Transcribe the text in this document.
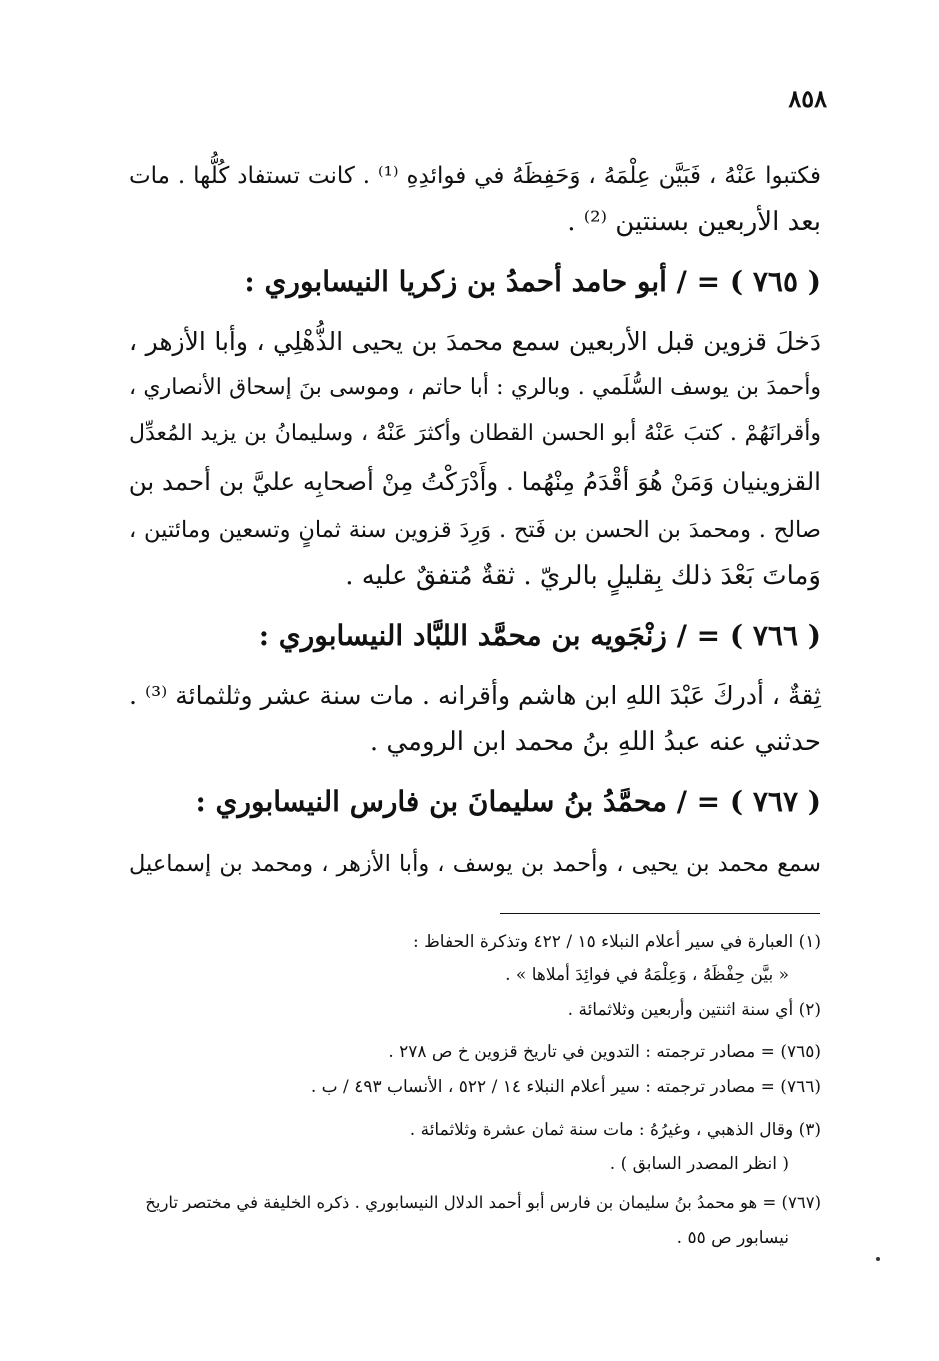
٨٥٨
فكتبوا عَنْهُ ، فَبَيَّن عِلْمَهُ ، وَحَفِظَهُ في فوائدِهِ ⁽¹⁾ . كانت تستفاد كُلُّها . مات
بعد الأربعين بسنتين ⁽²⁾ .
( ٧٦٥ ) = / أبو حامد أحمدُ بن زكريا النيسابوري :
دَخلَ قزوين قبل الأربعين سمع محمدَ بن يحيى الذُّهْلِي ، وأبا الأزهر ،
وأحمدَ بن يوسف السُّلَمي . وبالري : أبا حاتم ، وموسى بنَ إسحاق الأنصاري ،
وأقرانَهُمْ . كتبَ عَنْهُ أبو الحسن القطان وأكثرَ عَنْهُ ، وسليمانُ بن يزيد المُعدِّل
القزوينيان وَمَنْ هُوَ أقْدَمُ مِنْهُما . وأَدْرَكْتُ مِنْ أصحابِه عليَّ بن أحمد بن
صالح . ومحمدَ بن الحسن بن فَتح . وَرِدَ قزوين سنة ثمانٍ وتسعين ومائتين ،
وَماتَ بَعْدَ ذلك بِقليلٍ بالريّ . ثقةٌ مُتفقٌ عليه .
( ٧٦٦ ) = / زنْجَويه بن محمَّد اللبَّاد النيسابوري :
ثِقةٌ ، أدركَ عَبْدَ اللهِ ابن هاشم وأقرانه . مات سنة عشر وثلثمائة ⁽³⁾ .
حدثني عنه عبدُ اللهِ بنُ محمد ابن الرومي .
( ٧٦٧ ) = / محمَّدُ بنُ سليمانَ بن فارس النيسابوري :
سمع محمد بن يحيى ، وأحمد بن يوسف ، وأبا الأزهر ، ومحمد بن إسماعيل
(١) العبارة في سير أعلام النبلاء ١٥ / ٤٢٢ وتذكرة الحفاظ :
« بيَّن حِفْظَهُ ، وَعِلْمَهُ في فوائِدَ أملاها » .
(٢) أي سنة اثنتين وأربعين وثلاثمائة .
(٧٦٥) = مصادر ترجمته : التدوين في تاريخ قزوين خ ص ٢٧٨ .
(٧٦٦) = مصادر ترجمته : سير أعلام النبلاء ١٤ / ٥٢٢ ، الأنساب ٤٩٣ / ب .
(٣) وقال الذهبي ، وغيرُهُ : مات سنة ثمان عشرة وثلاثمائة .
( انظر المصدر السابق ) .
(٧٦٧) = هو محمدُ بنُ سليمان بن فارس أبو أحمد الدلال النيسابوري . ذكره الخليفة في مختصر تاريخ
نيسابور ص ٥٥ .
